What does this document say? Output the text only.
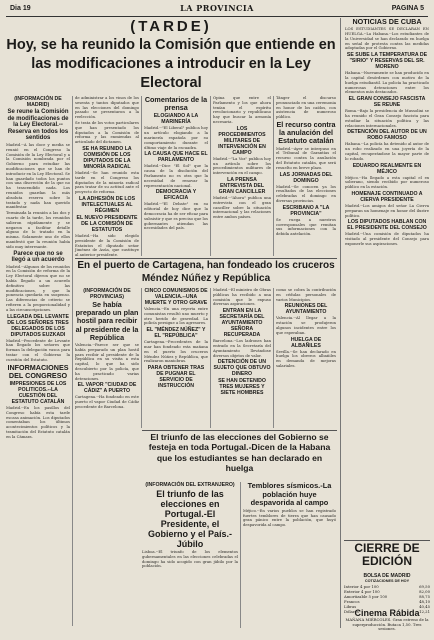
Dia 19	LA PROVINCIA	PAGINA 5
(TARDE)
Hoy, se ha reunido la Comisión que entiende en las modificaciones a introducir en la Ley Electoral

(INFORMACIÓN DE MADRID)

Se reune la Comisión de modificaciones de la Ley Electoral.--Reserva en todos los sentidos

Madrid.--A las doce y media se reunió en el Congreso la Comisión de la Ley Electoral y a la Comisión nombrada por el Gobierno para estudiar las modificaciones que se han de introducir en la Ley Electoral. Se han guardado todos los puntos con una discreción de la que no ha trascendido nada. Los reunidos guardan la más absoluta reserva sobre lo tratado y nada han querido manifestar.

Terminada la reunión a las dos y cuarto de la tarde, los reunidos salieron rápidamente y se negaron a facilitar detalle alguno de lo tratado en la misma. Solamente uno de ellos manifestó que la reunión había sido muy interesante.

Parece que no se llegó a un acuerdo

Madrid.--Algunos de los reunidos en la Comisión de reforma de la Ley Electoral dijeron que no se había llegado a un acuerdo definitivo sobre las modificaciones, y que la ponencia quedaría en suspenso. Las diferencias de criterio se refieren a la proporcionalidad y a las circunscripciones.

LLEGADA DEL LEVANTE DE LOS SEÑORES TRES DELEGADOS DE LOS DIPUTADOS EUZKADI

Madrid.--Procedente de Levante han llegado los señores que forman la delegación vasca para tratar con el Gobierno la cuestión del Estatuto.

INFORMACIONES DEL CONGRESO

IMPRESIONES DE LOS POLITICOS.--LA CUESTIÓN DEL ESTATUTO CATALÁN

Madrid.--En los pasillos del Congreso había esta tarde escasa animación. Los diputados comentaban los últimos acontecimientos políticos y la tramitación del Estatuto catalán en la Cámara.

de administrar a los vinos de los sesenta y tantos diputados que en las elecciones del domingo pasado se presentaron a la reelección.

Se trata de los votos particulares que han presentado los diputados a la Comisión de reforma y las enmiendas al articulado del dictamen.

SE HA REUNIDO LA COMISIÓN DE LOS DIPUTADOS DE LA MINORÍA RADICAL

Madrid.--Se han reunido esta tarde en el Congreso los diputados de la minoría radical para tratar de su actitud ante el proyecto de reforma.

LA ADHESIÓN DE LOS INTELECTUALES AL RÉGIMEN

EL NUEVO PRESIDENTE DE LA COMISIÓN DE ESTATUTOS

Madrid.--Ha sido elegido presidente de la Comisión de Estatutos el diputado señor Jiménez de Asúa, que sustituye al anterior presidente.

Comentarios de la prensa

ELOGIANDO A LA MARINERÍA

Madrid.--"El Liberal" publica hoy un artículo elogiando a la marinería española por su comportamiento durante el último viaje de la escuadra.

LA CAUSA QUE HACE EL PARLAMENTO

Madrid.--Dice "El Sol" que la causa de la disolución del Parlamento no es otra que la necesidad de renovar la representación nacional.

DEMOCRACIA Y EFICACIA

Madrid.--"El Debate" en su editorial de hoy dice que la democracia ha de ser eficaz para subsistir y que es preciso que los gobernantes atiendan las necesidades del país.

Opina que entre el Parlamento y los que ahora tenían el espíritu revolucionario y republicano hay que buscar la armonía necesaria.

LOS PROCEDIMIENTOS MILITARES DE INTERVENCIÓN EN CAMPO

Madrid.--"La Voz" publica hoy un artículo sobre los procedimientos militares de intervención en el campo.

LA PRENSA ENTREVISTA DEL GRAN CANCILLER

Madrid.--"Ahora" publica una entrevista con el gran canciller sobre la situación internacional y las relaciones entre ambos países.

Tánger el discurso pronunciado en una ceremonia en honor de los caídos, con asistencia de numeroso público.

El recurso contra la anulación del Estatuto catalán

Madrid.--Ayer se interpuso en el Tribunal de Garantías el recurso contra la anulación del Estatuto catalán, que será resuelto en breve plazo.

LAS JORNADAS DEL DOMINGO

Madrid.--Se conocen ya los resultados de las elecciones celebradas el domingo en diversas provincias.

ESCRIBANO A "LA PROVINCIA"

Se ruega a nuestros corresponsales que remitan sus informaciones con la debida antelación.

En el puerto de Cartagena, han fondeado los cruceros Méndez Núñez y República

(INFORMACIÓN DE PROVINCIAS)

Se había preparado un plan hostil para recibir al presidente de la República

Valencia.--Parece ser que se había preparado un plan hostil para recibir al presidente de la República en su visita a esta capital, lo que ha sido descubierto por la policía, que ha practicado varias detenciones.

EL VAPOR "CIUDAD DE CÁDIZ" A PUERTO

Cartagena.--Ha fondeado en este puerto el vapor Ciudad de Cádiz procedente de Barcelona.

CINCO COMUNISMOS DE VALENCIA.--UNA MUERTE Y OTRO GRAVE

Valencia.--En una reyerta entre comunistas resultó uno muerto y otro herido de gravedad. La policía persigue a los agresores.

EL "MÉNDEZ NÚÑEZ" Y EL "REPÚBLICA"

Cartagena.--Procedentes de la mar han fondeado esta mañana en el puerto los cruceros Méndez Núñez y República, que realizaron maniobras.

PARA OBTENER TRAS DE PUGNAR EL SERVICIO DE INSTRUCCIÓN

Madrid.--El ministro de Obras públicas ha recibido a una comisión que le expuso diversas aspiraciones.

ENTRAN EN LA SECRETARÍA DEL AYUNTAMIENTO SEÑORA RECUPERADA

Barcelona.--Los ladrones han entrado en la Secretaría del Ayuntamiento llevándose diversos objetos de valor.

DETENCIÓN DE UN SUJETO QUE OBTUVO DINERO

SE HAN DETENIDO TRES MUJERES Y SIETE HOMBRES

como se cobra la contribución en cédulas personales de varios Municipios.

REUNIONES DEL AYUNTAMIENTO

Valencia.--Al llegar a la estación se produjeron algunos incidentes entre los que esperaban.

HUELGA DE ALBAÑILES

Sevilla.--Se han declarado en huelga los obreros albañiles en demanda de mejoras salariales.

El triunfo de las elecciones del Gobierno se festeja en toda Portugal.-Dicen de la Habana que los estudiantes se han declarado en huelga

(INFORMACIÓN DEL EXTRANJERO)

El triunfo de las elecciones en Portugal.-El Presidente, el Gobierno y el País.-Júbilo

Lisboa.--El triunfo de los elementos gubernamentales en las elecciones celebradas el domingo ha sido acogido con gran júbilo por la población.

Temblores sísmicos.-La población huye despavorida al campo

Méjico.--En varios pueblos se han registrado fuertes temblores de tierra que han causado gran pánico entre la población, que huyó despavorida al campo.

NOTICIAS DE CUBA

LOS ESTUDIANTES SE DECLARAN EN HUELGA.--La Habana.--Los estudiantes de la Universidad se han declarado en huelga en señal de protesta contra las medidas adoptadas por el Gobierno.

SE SUBE LA TEMPERATURA DE "SIRIO" Y RESERVAS DEL SR. MORENO

Habana.--Nuevamente se han producido en la capital desórdenes con motivo de la huelga estudiantil. La policía ha practicado numerosas detenciones entre los elementos más destacados.

EL GRAN CONSEJO FASCISTA SE REUNE

Roma.--Bajo la presidencia de Mussolini se ha reunido el Gran Consejo fascista para estudiar la situación política y las relaciones internacionales.

DETENCIÓN DEL AUTOR DE UN ROBO FAMOSO

Habana.--La policía ha detenido al autor de un robo realizado en una joyería de la capital, recuperándose la mayor parte de lo robado.

EDUARDO REALMENTE EN MÉJICO

Méjico.--Ha llegado a esta capital el ex soberano, siendo recibido por numeroso público en la estación.

HOMENAJE CONTINUADO A CIERVA PRESIDENTE

Madrid.--Los amigos del señor La Cierva preparan un homenaje en honor del ilustre político.

LOS DIPUTADOS HABLAN CON EL PRESIDENTE DEL CONSEJO

Madrid.--Una comisión de diputados ha visitado al presidente del Consejo para exponerle sus aspiraciones.

CIERRE DE EDICIÓN
BOLSA DE MADRID
COTIZACIONES DE HOY
Interior 4 por 100	69,50
Exterior 4 por 100	82,00
Amortizable 5 por 100	88,75
Francos	48,10
Libras	40,45
Dólares	12,21
Cinema Rábida
MAÑANA MIÉRCOLES. Gran estreno de la superproducción. Butaca 1,50. Tres sesiones.
